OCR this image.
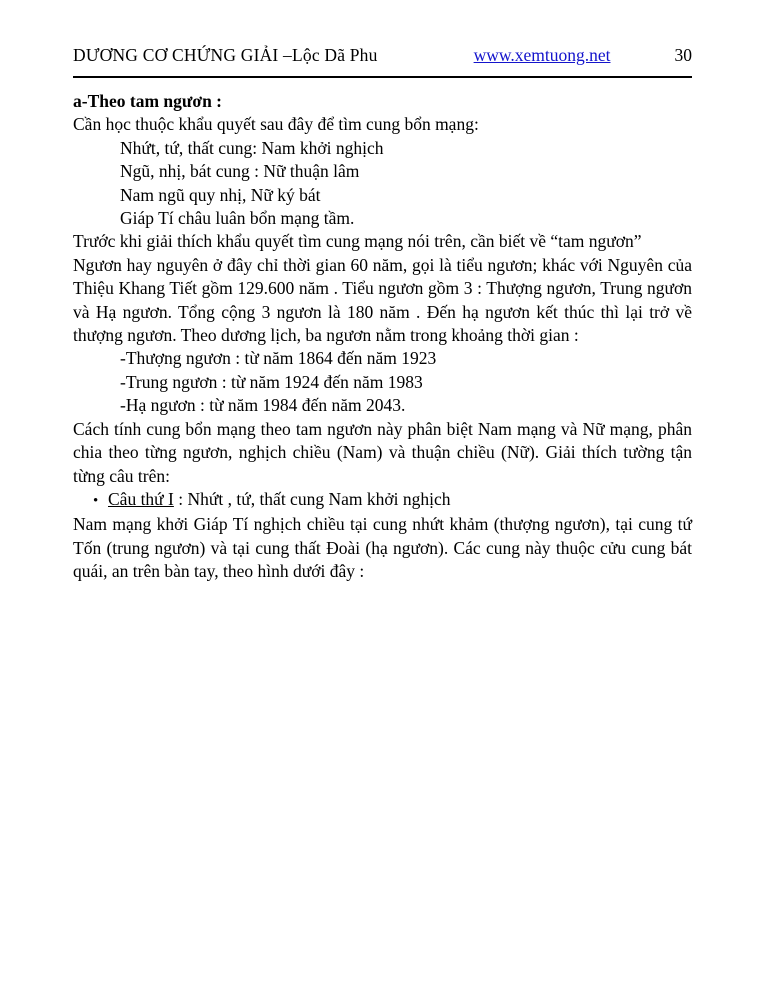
DƯƠNG CƠ CHỨNG GIẢI –Lộc Dã Phu	www.xemtuong.net	30

a-Theo tam ngươn :

Cần học thuộc khẩu quyết sau đây để tìm cung bổn mạng:

Nhứt, tứ, thất cung: Nam khởi nghịch

Ngũ, nhị, bát cung : Nữ thuận lâm

Nam ngũ quy nhị, Nữ ký bát

Giáp Tí châu luân bổn mạng tầm.

Trước khi giải thích khẩu quyết tìm cung mạng nói trên, cần biết về “tam ngươn”

Ngươn hay nguyên ở đây chỉ thời gian 60 năm, gọi là tiểu ngươn; khác với Nguyên của Thiệu Khang Tiết gồm 129.600 năm . Tiểu ngươn gồm 3 : Thượng ngươn, Trung ngươn và Hạ ngươn. Tổng cộng 3 ngươn là 180 năm . Đến hạ ngươn kết thúc thì lại trở về thượng ngươn. Theo dương lịch, ba ngươn nằm trong khoảng thời gian :

-Thượng ngươn : từ năm 1864 đến năm 1923

-Trung ngươn : từ năm 1924 đến năm 1983

-Hạ ngươn : từ năm 1984 đến năm 2043.

Cách tính cung bổn mạng theo tam ngươn này phân biệt Nam mạng và Nữ mạng, phân chia theo từng ngươn, nghịch chiều (Nam) và thuận chiều (Nữ). Giải thích tường tận từng câu trên:

• Câu thứ I : Nhứt , tứ, thất cung Nam khởi nghịch

Nam mạng khởi Giáp Tí nghịch chiều tại cung nhứt khảm (thượng ngươn), tại cung tứ Tốn (trung ngươn) và tại cung thất Đoài (hạ ngươn). Các cung này thuộc cửu cung bát quái, an trên bàn tay, theo hình dưới đây :
